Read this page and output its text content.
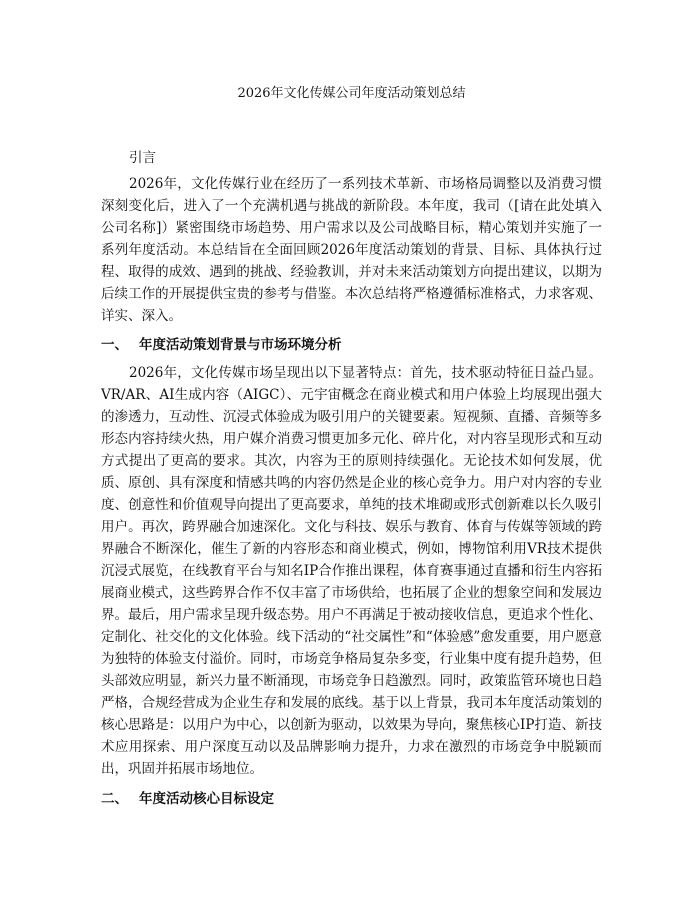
2026年文化传媒公司年度活动策划总结

引言

2026年，文化传媒行业在经历了一系列技术革新、市场格局调整以及消费习惯深刻变化后，进入了一个充满机遇与挑战的新阶段。本年度，我司（[请在此处填入公司名称]）紧密围绕市场趋势、用户需求以及公司战略目标，精心策划并实施了一系列年度活动。本总结旨在全面回顾2026年度活动策划的背景、目标、具体执行过程、取得的成效、遇到的挑战、经验教训，并对未来活动策划方向提出建议，以期为后续工作的开展提供宝贵的参考与借鉴。本次总结将严格遵循标准格式，力求客观、详实、深入。

一、 年度活动策划背景与市场环境分析

2026年，文化传媒市场呈现出以下显著特点：首先，技术驱动特征日益凸显。VR/AR、AI生成内容（AIGC）、元宇宙概念在商业模式和用户体验上均展现出强大的渗透力，互动性、沉浸式体验成为吸引用户的关键要素。短视频、直播、音频等多形态内容持续火热，用户媒介消费习惯更加多元化、碎片化，对内容呈现形式和互动方式提出了更高的要求。其次，内容为王的原则持续强化。无论技术如何发展，优质、原创、具有深度和情感共鸣的内容仍然是企业的核心竞争力。用户对内容的专业度、创意性和价值观导向提出了更高要求，单纯的技术堆砌或形式创新难以长久吸引用户。再次，跨界融合加速深化。文化与科技、娱乐与教育、体育与传媒等领域的跨界融合不断深化，催生了新的内容形态和商业模式，例如，博物馆利用VR技术提供沉浸式展览，在线教育平台与知名IP合作推出课程，体育赛事通过直播和衍生内容拓展商业模式，这些跨界合作不仅丰富了市场供给，也拓展了企业的想象空间和发展边界。最后，用户需求呈现升级态势。用户不再满足于被动接收信息，更追求个性化、定制化、社交化的文化体验。线下活动的“社交属性”和“体验感”愈发重要，用户愿意为独特的体验支付溢价。同时，市场竞争格局复杂多变，行业集中度有提升趋势，但头部效应明显，新兴力量不断涌现，市场竞争日趋激烈。同时，政策监管环境也日趋严格，合规经营成为企业生存和发展的底线。基于以上背景，我司本年度活动策划的核心思路是：以用户为中心，以创新为驱动，以效果为导向，聚焦核心IP打造、新技术应用探索、用户深度互动以及品牌影响力提升，力求在激烈的市场竞争中脱颖而出，巩固并拓展市场地位。

二、 年度活动核心目标设定
